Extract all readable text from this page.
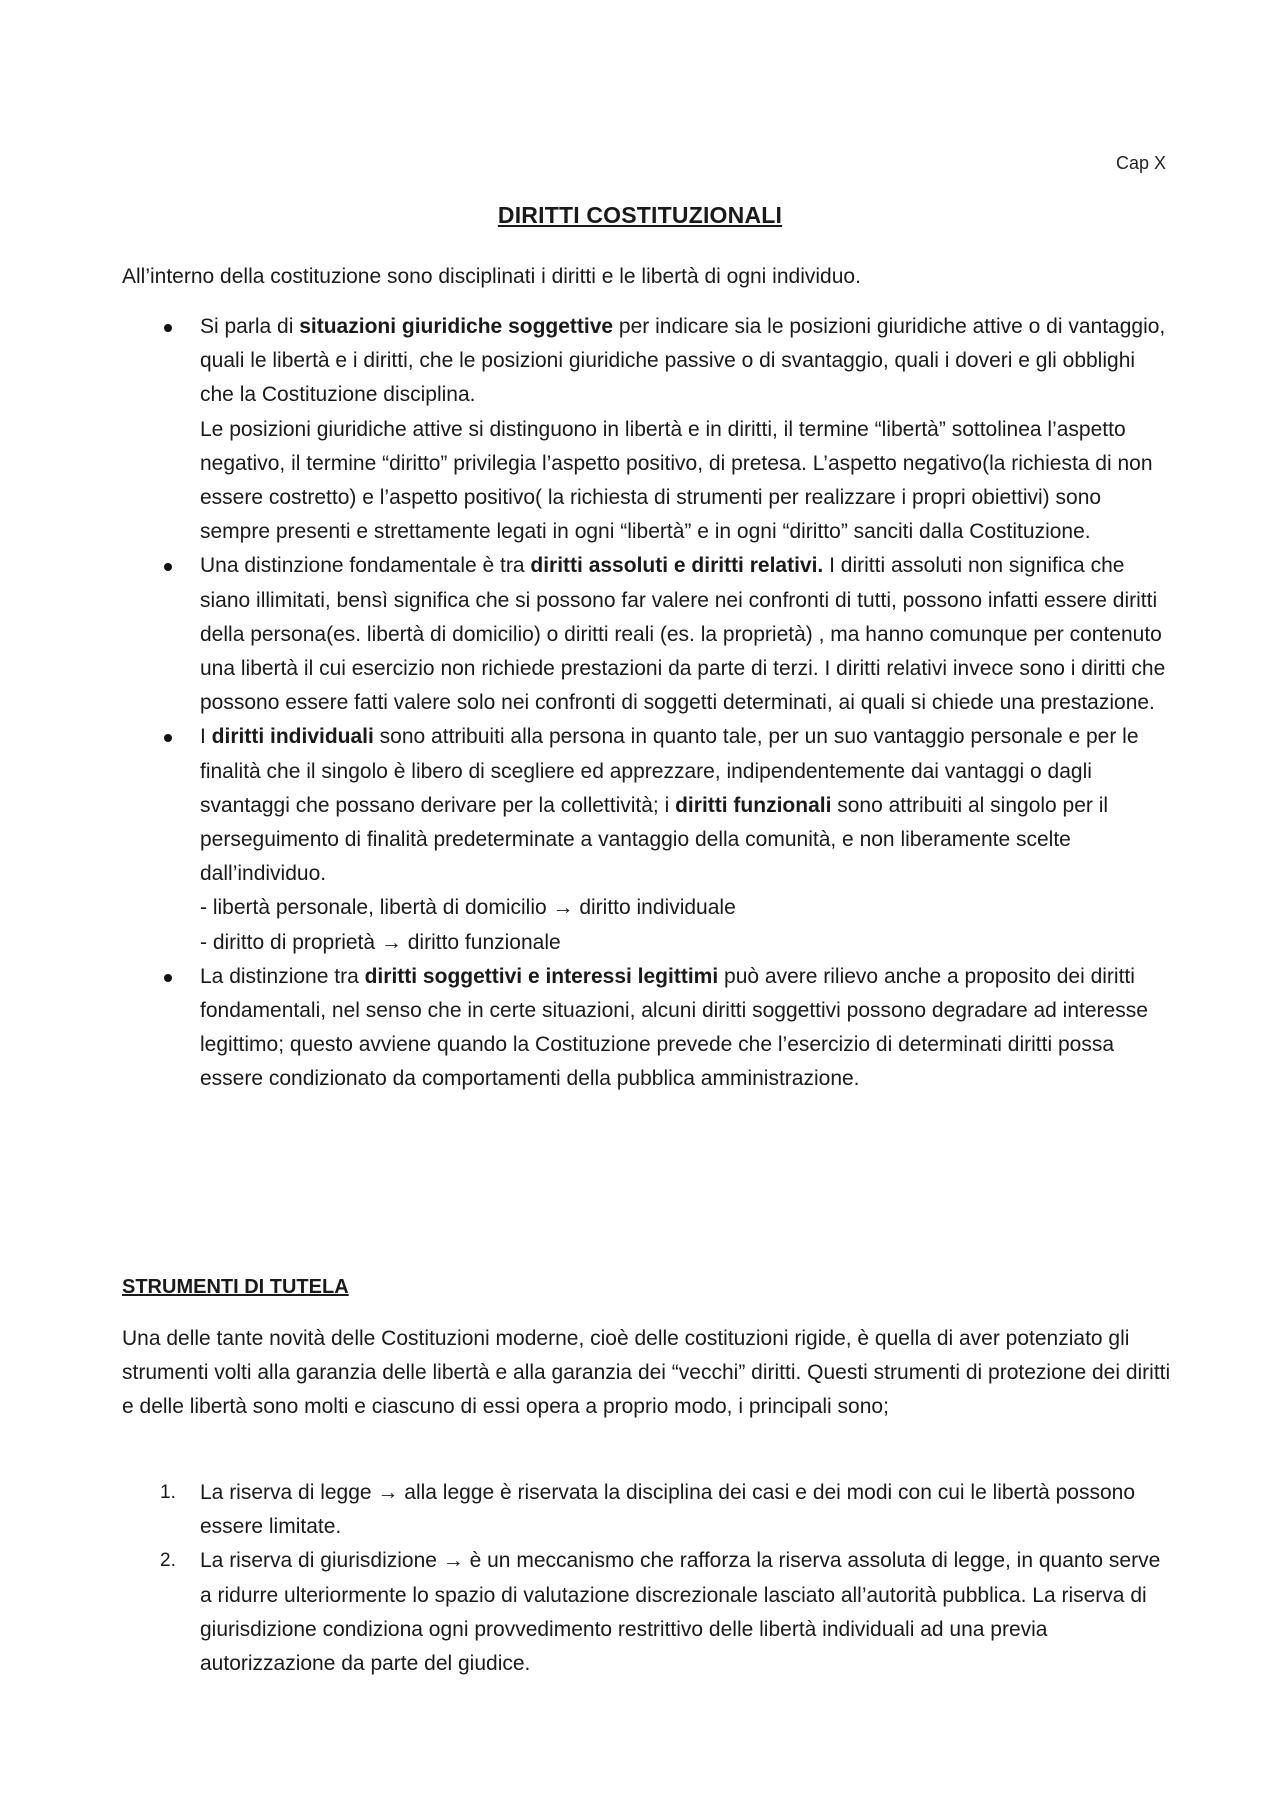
Cap X
DIRITTI COSTITUZIONALI

All’interno della costituzione sono disciplinati i diritti e le libertà di ogni individuo.

Si parla di situazioni giuridiche soggettive per indicare sia le posizioni giuridiche attive o di vantaggio, quali le libertà e i diritti, che le posizioni giuridiche passive o di svantaggio, quali i doveri e gli obblighi che la Costituzione disciplina.
Le posizioni giuridiche attive si distinguono in libertà e in diritti, il termine “libertà” sottolinea l’aspetto negativo, il termine “diritto” privilegia l’aspetto positivo, di pretesa. L’aspetto negativo(la richiesta di non essere costretto) e l’aspetto positivo( la richiesta di strumenti per realizzare i propri obiettivi) sono sempre presenti e strettamente legati in ogni “libertà” e in ogni “diritto” sanciti dalla Costituzione.
Una distinzione fondamentale è tra diritti assoluti e diritti relativi. I diritti assoluti non significa che siano illimitati, bensì significa che si possono far valere nei confronti di tutti, possono infatti essere diritti della persona(es. libertà di domicilio) o diritti reali (es. la proprietà) , ma hanno comunque per contenuto una libertà il cui esercizio non richiede prestazioni da parte di terzi. I diritti relativi invece sono i diritti che possono essere fatti valere solo nei confronti di soggetti determinati, ai quali si chiede una prestazione.
I diritti individuali sono attribuiti alla persona in quanto tale, per un suo vantaggio personale e per le finalità che il singolo è libero di scegliere ed apprezzare, indipendentemente dai vantaggi o dagli svantaggi che possano derivare per la collettività; i diritti funzionali sono attribuiti al singolo per il perseguimento di finalità predeterminate a vantaggio della comunità, e non liberamente scelte dall’individuo.
- libertà personale, libertà di domicilio → diritto individuale
- diritto di proprietà → diritto funzionale
La distinzione tra diritti soggettivi e interessi legittimi può avere rilievo anche a proposito dei diritti fondamentali, nel senso che in certe situazioni, alcuni diritti soggettivi possono degradare ad interesse legittimo; questo avviene quando la Costituzione prevede che l’esercizio di determinati diritti possa essere condizionato da comportamenti della pubblica amministrazione.
STRUMENTI DI TUTELA

Una delle tante novità delle Costituzioni moderne, cioè delle costituzioni rigide, è quella di aver potenziato gli strumenti volti alla garanzia delle libertà e alla garanzia dei “vecchi” diritti. Questi strumenti di protezione dei diritti e delle libertà sono molti e ciascuno di essi opera a proprio modo, i principali sono;

1. La riserva di legge → alla legge è riservata la disciplina dei casi e dei modi con cui le libertà possono essere limitate.
2. La riserva di giurisdizione → è un meccanismo che rafforza la riserva assoluta di legge, in quanto serve a ridurre ulteriormente lo spazio di valutazione discrezionale lasciato all’autorità pubblica. La riserva di giurisdizione condiziona ogni provvedimento restrittivo delle libertà individuali ad una previa autorizzazione da parte del giudice.
